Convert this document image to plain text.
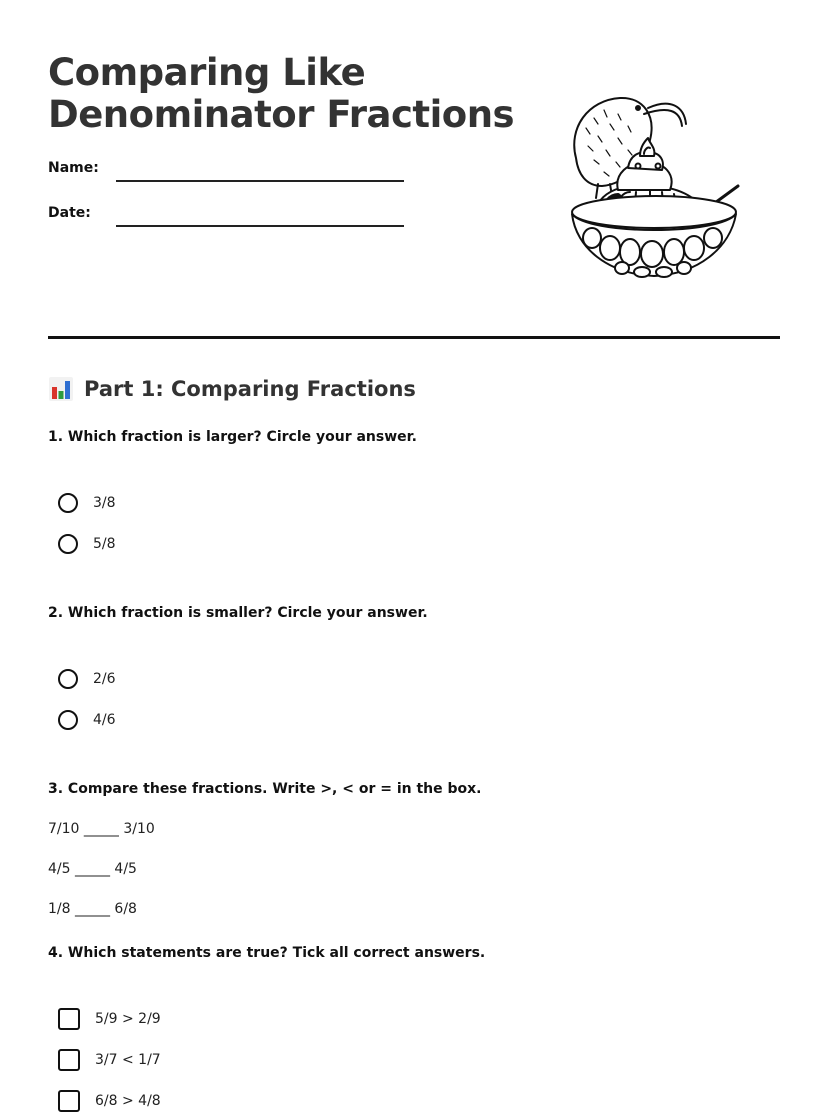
Comparing Like
Denominator Fractions
Name:
Date:
Part 1: Comparing Fractions
1. Which fraction is larger? Circle your answer.
3/8
5/8
2. Which fraction is smaller? Circle your answer.
2/6
4/6
3. Compare these fractions. Write >, < or = in the box.
7/10 _____ 3/10
4/5 _____ 4/5
1/8 _____ 6/8
4. Which statements are true? Tick all correct answers.
5/9 > 2/9
3/7 < 1/7
6/8 > 4/8
